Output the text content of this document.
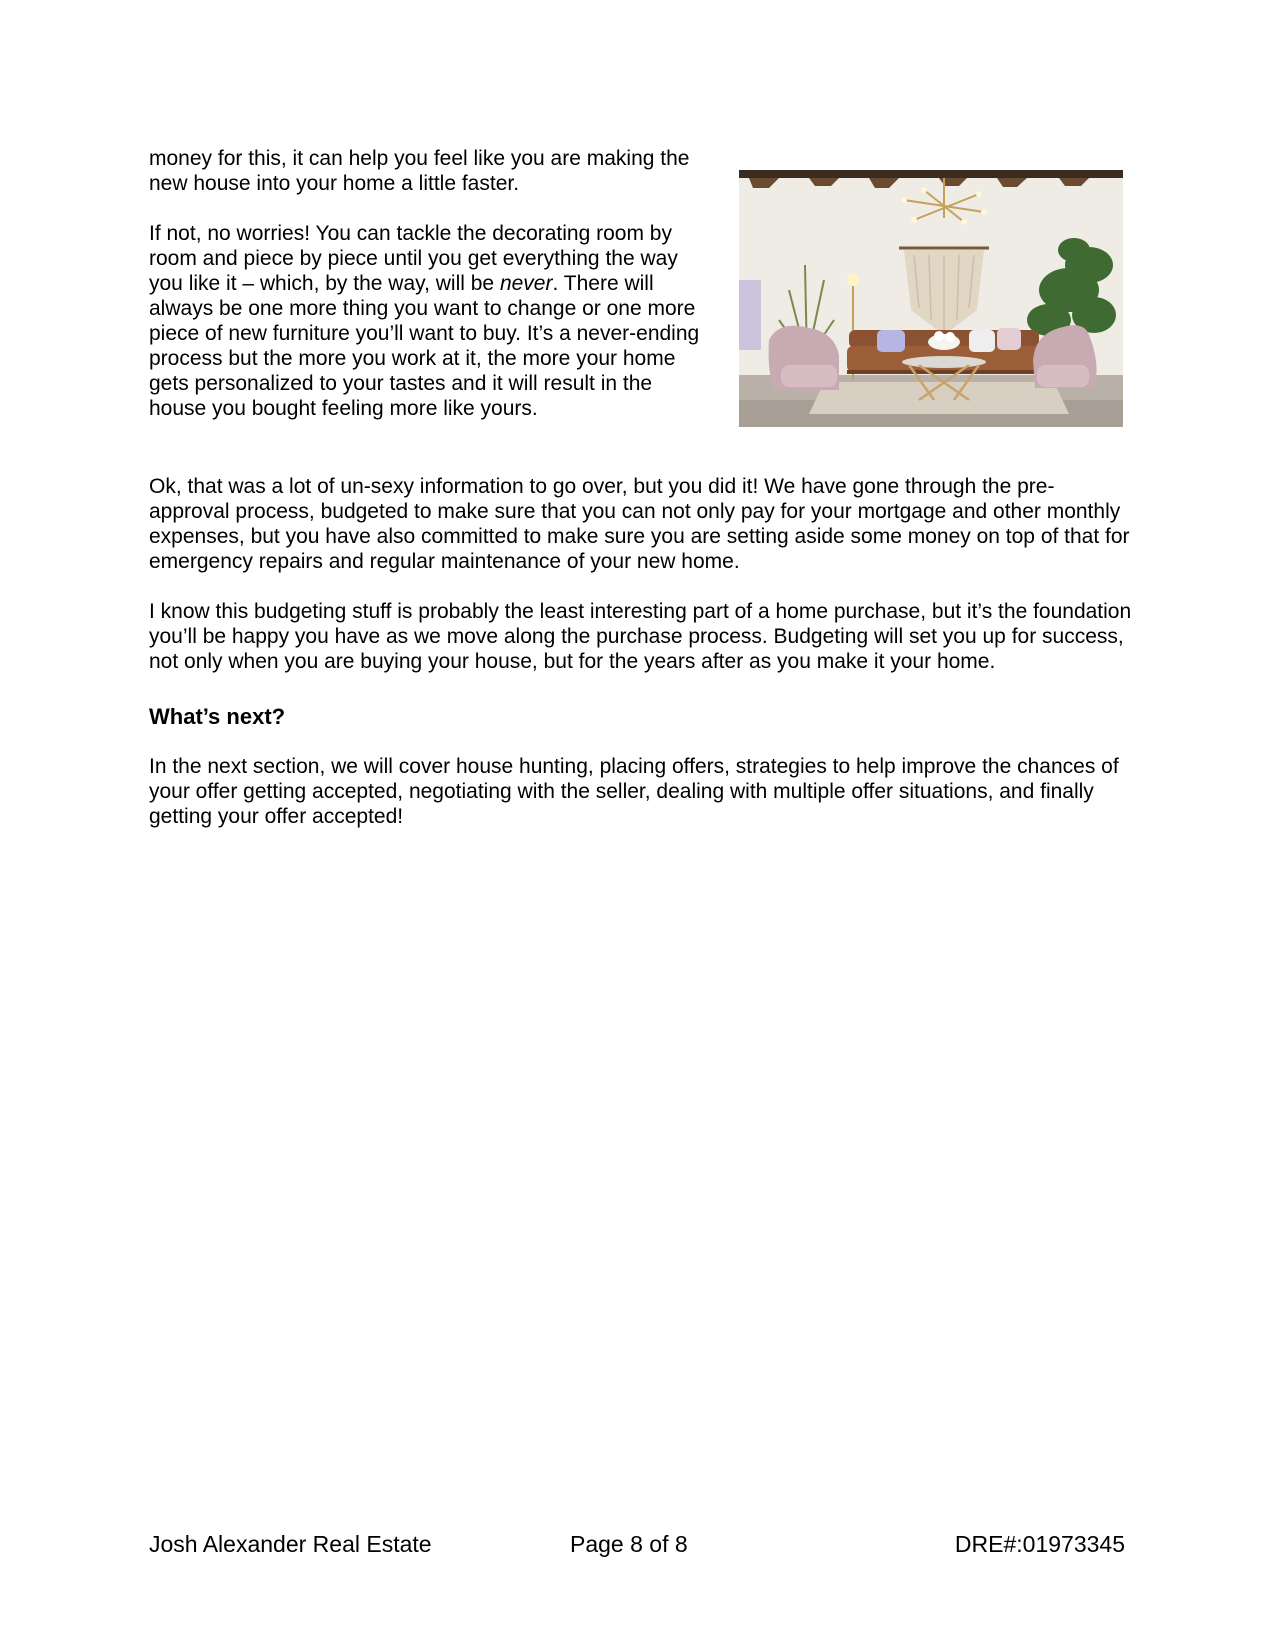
money for this, it can help you feel like you are making the new house into your home a little faster.

If not, no worries! You can tackle the decorating room by room and piece by piece until you get everything the way you like it – which, by the way, will be never. There will always be one more thing you want to change or one more piece of new furniture you’ll want to buy. It’s a never-ending process but the more you work at it, the more your home gets personalized to your tastes and it will result in the house you bought feeling more like yours.

Ok, that was a lot of un-sexy information to go over, but you did it! We have gone through the pre-approval process, budgeted to make sure that you can not only pay for your mortgage and other monthly expenses, but you have also committed to make sure you are setting aside some money on top of that for emergency repairs and regular maintenance of your new home.

I know this budgeting stuff is probably the least interesting part of a home purchase, but it’s the foundation you’ll be happy you have as we move along the purchase process. Budgeting will set you up for success, not only when you are buying your house, but for the years after as you make it your home.

What’s next?

In the next section, we will cover house hunting, placing offers, strategies to help improve the chances of your offer getting accepted, negotiating with the seller, dealing with multiple offer situations, and finally getting your offer accepted!

Josh Alexander Real Estate	Page 8 of 8	DRE#:01973345
